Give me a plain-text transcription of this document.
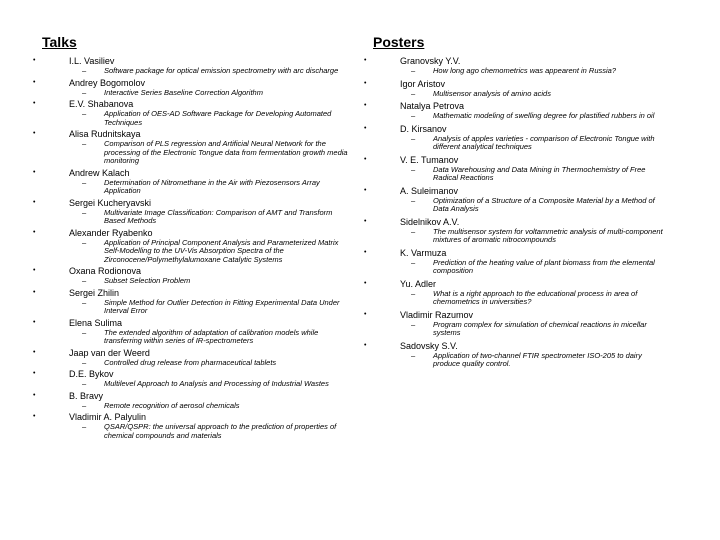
Talks
•	I.L. Vasiliev
–	Software package for optical emission spectrometry with arc discharge
•	Andrey Bogomolov
–	Interactive Series Baseline Correction Algorithm
•	E.V. Shabanova
–	Application of OES-AD Software Package for Developing Automated Techniques
•	Alisa Rudnitskaya
–	Comparison of PLS regression and Artificial Neural Network for the processing of the Electronic Tongue data from fermentation growth media monitoring
•	Andrew Kalach
–	Determination of Nitromethane in the Air with Piezosensors Array Application
•	Sergei Kucheryavski
–	Multivariate Image Classification: Comparison of AMT and Transform Based Methods
•	Alexander Ryabenko
–	Application of Principal Component Analysis and Parameterized Matrix Self-Modelling to the UV-Vis Absorption Spectra of the Zirconocene/Polymethylalumoxane Catalytic Systems
•	Oxana Rodionova
–	Subset Selection Problem
•	Sergei Zhilin
–	Simple Method for Outlier Detection in Fitting Experimental Data Under Interval Error
•	Elena Sulima
–	The extended algorithm of adaptation of calibration models while transferring within series of IR-spectrometers
•	Jaap van der Weerd
–	Controlled drug release from pharmaceutical tablets
•	D.E. Bykov
–	Multilevel Approach to Analysis and Processing of Industrial Wastes
•	B. Bravy
–	Remote recognition of aerosol chemicals
•	Vladimir A. Palyulin
–	QSAR/QSPR: the universal approach to the prediction of properties of chemical compounds and materials
Posters
•	Granovsky Y.V.
–	How long ago chemometrics was appearent in Russia?
•	Igor Aristov
–	Multisensor analysis of amino acids
•	Natalya Petrova
–	Mathematic modeling of swelling degree for plastified rubbers in oil
•	D. Kirsanov
–	Analysis of apples varieties - comparison of Electronic Tongue with different analytical techniques
•	V. E. Tumanov
–	Data Warehousing and Data Mining in Thermochemistry of Free Radical Reactions
•	A. Suleimanov
–	Optimization of a Structure of a Composite Material by a Method of Data Analysis
•	Sidelnikov A.V.
–	The multisensor system for voltammetric analysis of multi-component mixtures of aromatic nitrocompounds
•	K. Varmuza
–	Prediction of the heating value of plant biomass from the elemental composition
•	Yu. Adler
–	What is a right approach to the educational process in area of chemometrics in universities?
•	Vladimir Razumov
–	Program complex for simulation of chemical reactions in micellar systems
•	Sadovsky S.V.
–	Application of two-channel FTIR spectrometer ISO-205 to dairy produce quality control.
